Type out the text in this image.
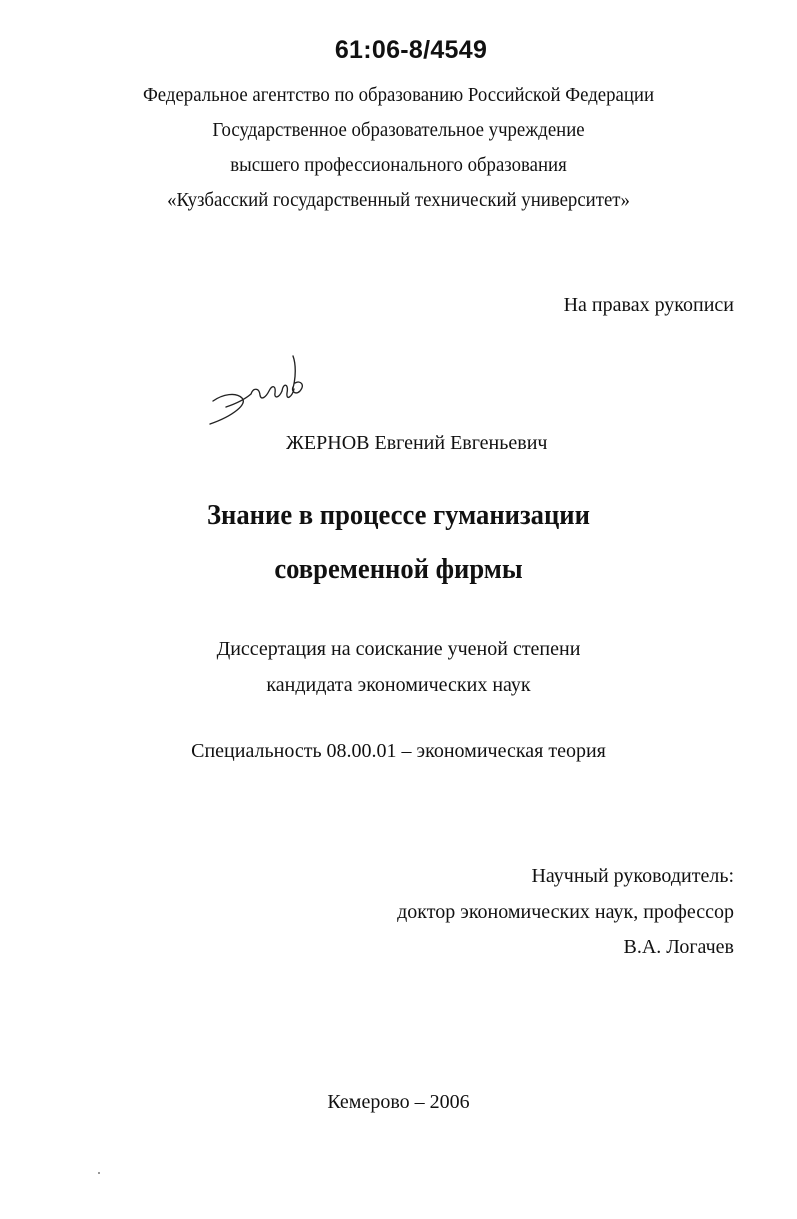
61:06-8/4549
Федеральное агентство по образованию Российской Федерации
Государственное образовательное учреждение
высшего профессионального образования
«Кузбасский государственный технический университет»
На правах рукописи
ЖЕРНОВ Евгений Евгеньевич
Знание в процессе гуманизации
современной фирмы
Диссертация на соискание ученой степени
кандидата экономических наук
Специальность 08.00.01 – экономическая теория
Научный руководитель:
доктор экономических наук, профессор
В.А. Логачев
Кемерово – 2006
